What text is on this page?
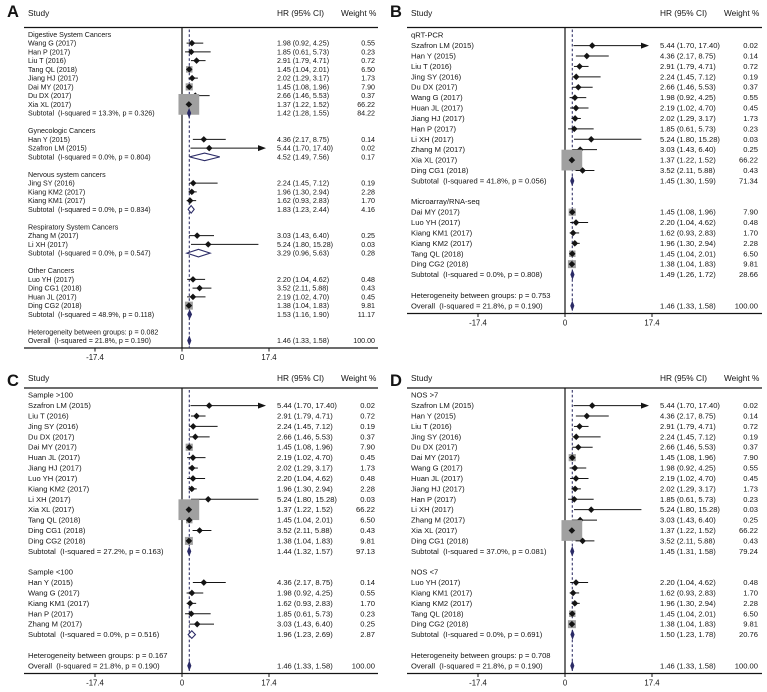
A Study	HR (95% CI) Weight %
-17.4	0	17.4
Digestive System Cancers
Wang G (2017)	1.98 (0.92, 4.25)	0.55
Han P (2017)	1.85 (0.61, 5.73)	0.23
Liu T (2016)	2.91 (1.79, 4.71)	0.72
Tang QL (2018)	1.45 (1.04, 2.01)	6.50
Jiang HJ (2017)	2.02 (1.29, 3.17)	1.73
Dai MY (2017)	1.45 (1.08, 1.96)	7.90
Du DX (2017)	2.66 (1.46, 5.53)	0.37
Xia XL (2017)	1.37 (1.22, 1.52)	66.22
Subtotal  (I-squared = 13.3%, p = 0.326)	1.42 (1.28, 1.55)	84.22
Gynecologic Cancers
Han Y (2015)	4.36 (2.17, 8.75)	0.14
Szafron LM (2015)	5.44 (1.70, 17.40)	0.02
Subtotal  (I-squared = 0.0%, p = 0.804)	4.52 (1.49, 7.56)	0.17
Nervous system cancers
Jing SY (2016)	2.24 (1.45, 7.12)	0.19
Kiang KM2 (2017)	1.96 (1.30, 2.94)	2.28
Kiang KM1 (2017)	1.62 (0.93, 2.83)	1.70
Subtotal  (I-squared = 0.0%, p = 0.834)	1.83 (1.23, 2.44)	4.16
Respiratory System Cancers
Zhang M (2017)	3.03 (1.43, 6.40)	0.25
Li XH (2017)	5.24 (1.80, 15.28)	0.03
Subtotal  (I-squared = 0.0%, p = 0.547)	3.29 (0.96, 5.63)	0.28
Other Cancers
Luo YH (2017)	2.20 (1.04, 4.62)	0.48
Ding CG1 (2018)	3.52 (2.11, 5.88)	0.43
Huan JL (2017)	2.19 (1.02, 4.70)	0.45
Ding CG2 (2018)	1.38 (1.04, 1.83)	9.81
Subtotal  (I-squared = 48.9%, p = 0.118)	1.53 (1.16, 1.90)	11.17
Heterogeneity between groups: p = 0.082
Overall  (I-squared = 21.8%, p = 0.190)	1.46 (1.33, 1.58)	100.00
B Study	HR (95% CI) Weight %
-17.4	0	17.4
qRT-PCR
Szafron LM (2015)	5.44 (1.70, 17.40)	0.02
Han Y (2015)	4.36 (2.17, 8.75)	0.14
Liu T (2016)	2.91 (1.79, 4.71)	0.72
Jing SY (2016)	2.24 (1.45, 7.12)	0.19
Du DX (2017)	2.66 (1.46, 5.53)	0.37
Wang G (2017)	1.98 (0.92, 4.25)	0.55
Huan JL (2017)	2.19 (1.02, 4.70)	0.45
Jiang HJ (2017)	2.02 (1.29, 3.17)	1.73
Han P (2017)	1.85 (0.61, 5.73)	0.23
Li XH (2017)	5.24 (1.80, 15.28)	0.03
Zhang M (2017)	3.03 (1.43, 6.40)	0.25
Xia XL (2017)	1.37 (1.22, 1.52)	66.22
Ding CG1 (2018)	3.52 (2.11, 5.88)	0.43
Subtotal  (I-squared = 41.8%, p = 0.056)	1.45 (1.30, 1.59)	71.34
Microarray/RNA-seq
Dai MY (2017)	1.45 (1.08, 1.96)	7.90
Luo YH (2017)	2.20 (1.04, 4.62)	0.48
Kiang KM1 (2017)	1.62 (0.93, 2.83)	1.70
Kiang KM2 (2017)	1.96 (1.30, 2.94)	2.28
Tang QL (2018)	1.45 (1.04, 2.01)	6.50
Ding CG2 (2018)	1.38 (1.04, 1.83)	9.81
Subtotal  (I-squared = 0.0%, p = 0.808)	1.49 (1.26, 1.72)	28.66
Heterogeneity between groups: p = 0.753
Overall  (I-squared = 21.8%, p = 0.190)	1.46 (1.33, 1.58)	100.00
C Study	HR (95% CI) Weight %
-17.4	0	17.4
Sample >100
Szafron LM (2015)	5.44 (1.70, 17.40)	0.02
Liu T (2016)	2.91 (1.79, 4.71)	0.72
Jing SY (2016)	2.24 (1.45, 7.12)	0.19
Du DX (2017)	2.66 (1.46, 5.53)	0.37
Dai MY (2017)	1.45 (1.08, 1.96)	7.90
Huan JL (2017)	2.19 (1.02, 4.70)	0.45
Jiang HJ (2017)	2.02 (1.29, 3.17)	1.73
Luo YH (2017)	2.20 (1.04, 4.62)	0.48
Kiang KM2 (2017)	1.96 (1.30, 2.94)	2.28
Li XH (2017)	5.24 (1.80, 15.28)	0.03
Xia XL (2017)	1.37 (1.22, 1.52)	66.22
Tang QL (2018)	1.45 (1.04, 2.01)	6.50
Ding CG1 (2018)	3.52 (2.11, 5.88)	0.43
Ding CG2 (2018)	1.38 (1.04, 1.83)	9.81
Subtotal  (I-squared = 27.2%, p = 0.163)	1.44 (1.32, 1.57)	97.13
Sample <100
Han Y (2015)	4.36 (2.17, 8.75)	0.14
Wang G (2017)	1.98 (0.92, 4.25)	0.55
Kiang KM1 (2017)	1.62 (0.93, 2.83)	1.70
Han P (2017)	1.85 (0.61, 5.73)	0.23
Zhang M (2017)	3.03 (1.43, 6.40)	0.25
Subtotal  (I-squared = 0.0%, p = 0.516)	1.96 (1.23, 2.69)	2.87
Heterogeneity between groups: p = 0.167
Overall  (I-squared = 21.8%, p = 0.190)	1.46 (1.33, 1.58)	100.00
D Study	HR (95% CI) Weight %
-17.4	0	17.4
NOS >7
Szafron LM (2015)	5.44 (1.70, 17.40)	0.02
Han Y (2015)	4.36 (2.17, 8.75)	0.14
Liu T (2016)	2.91 (1.79, 4.71)	0.72
Jing SY (2016)	2.24 (1.45, 7.12)	0.19
Du DX (2017)	2.66 (1.46, 5.53)	0.37
Dai MY (2017)	1.45 (1.08, 1.96)	7.90
Wang G (2017)	1.98 (0.92, 4.25)	0.55
Huan JL (2017)	2.19 (1.02, 4.70)	0.45
Jiang HJ (2017)	2.02 (1.29, 3.17)	1.73
Han P (2017)	1.85 (0.61, 5.73)	0.23
Li XH (2017)	5.24 (1.80, 15.28)	0.03
Zhang M (2017)	3.03 (1.43, 6.40)	0.25
Xia XL (2017)	1.37 (1.22, 1.52)	66.22
Ding CG1 (2018)	3.52 (2.11, 5.88)	0.43
Subtotal  (I-squared = 37.0%, p = 0.081)	1.45 (1.31, 1.58)	79.24
NOS <7
Luo YH (2017)	2.20 (1.04, 4.62)	0.48
Kiang KM1 (2017)	1.62 (0.93, 2.83)	1.70
Kiang KM2 (2017)	1.96 (1.30, 2.94)	2.28
Tang QL (2018)	1.45 (1.04, 2.01)	6.50
Ding CG2 (2018)	1.38 (1.04, 1.83)	9.81
Subtotal  (I-squared = 0.0%, p = 0.691)	1.50 (1.23, 1.78)	20.76
Heterogeneity between groups: p = 0.708
Overall  (I-squared = 21.8%, p = 0.190)	1.46 (1.33, 1.58)	100.00
